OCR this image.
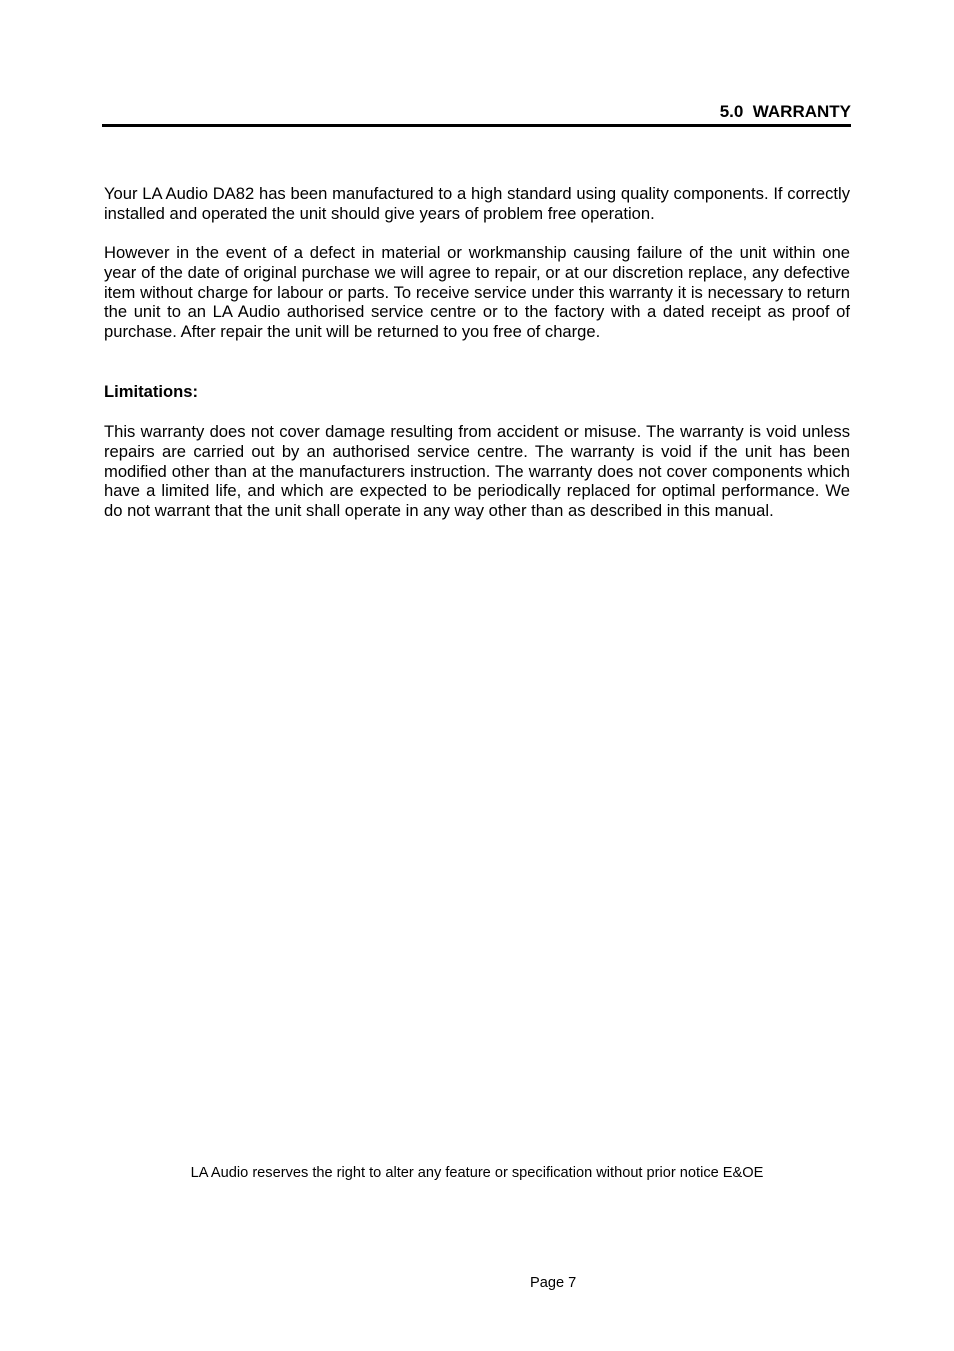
5.0  WARRANTY

Your LA Audio DA82 has been manufactured to a high standard using quality components. If correctly installed and operated the unit should give years of problem free operation.

However in the event of a defect in material or workmanship causing failure of the unit within one year of the date of original purchase we will agree to repair, or at our discretion replace, any defective item without charge for labour or parts. To receive service under this warranty it is necessary to return the unit to an LA Audio authorised service centre or to the factory with a dated receipt as proof of purchase. After repair the unit will be returned to you free of charge.

Limitations:

This warranty does not cover damage resulting from accident or misuse. The warranty is void unless repairs are carried out by an authorised service centre. The warranty is void if the unit has been modified other than at the manufacturers instruction. The warranty does not cover components which have a limited life, and which are expected to be periodically replaced for optimal performance. We do not warrant that the unit shall operate in any way other than as described in this manual.

LA Audio reserves the right to alter any feature or specification without prior notice E&OE
Page 7
